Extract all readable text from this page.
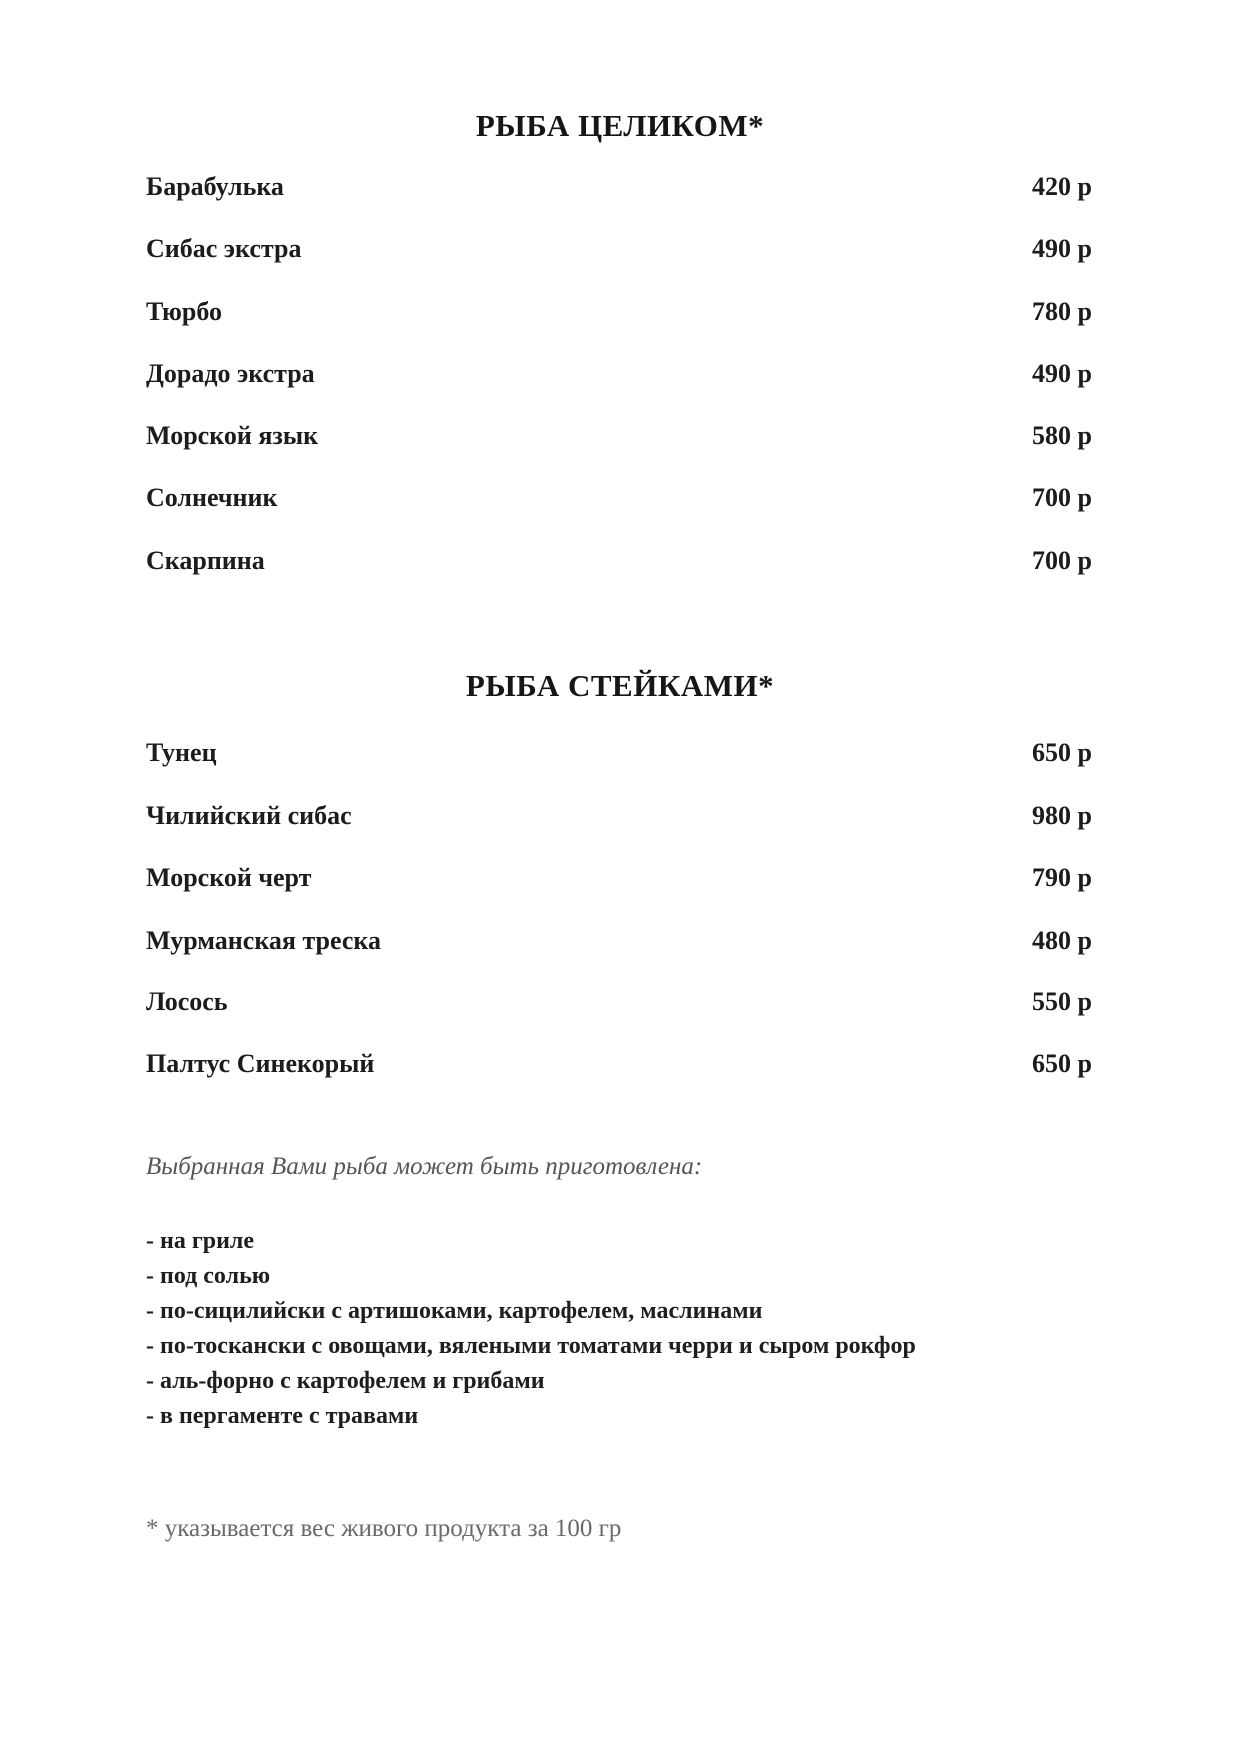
РЫБА ЦЕЛИКОМ*
Барабулька	420 р
Сибас экстра	490 р
Тюрбо	780 р
Дорадо экстра	490 р
Морской язык	580 р
Солнечник	700 р
Скарпина	700 р
РЫБА СТЕЙКАМИ*
Тунец	650 р
Чилийский сибас	980 р
Морской черт	790 р
Мурманская треска	480 р
Лосось	550 р
Палтус Синекорый	650 р
Выбранная Вами рыба может быть приготовлена:

- на гриле

- под солью

- по-сицилийски с артишоками, картофелем, маслинами

- по-тоскански с овощами, вялеными томатами черри и сыром рокфор

- аль-форно с картофелем и грибами

- в пергаменте с травами

* указывается вес живого продукта за 100 гр
